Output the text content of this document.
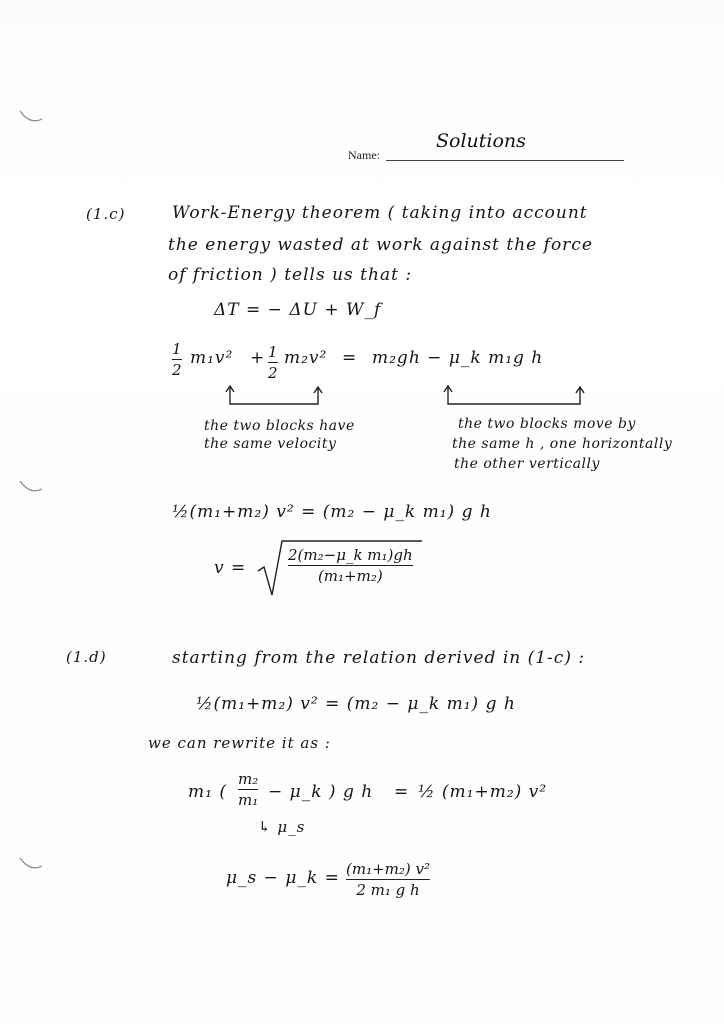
Name:
Solutions
(1.c)	Work-Energy theorem ( taking into account
the energy wasted at work against the force
of friction ) tells us that :
ΔT = − ΔU + W_f
1
2
m₁v² + 1
2
m₂v² = m₂gh − μ_k m₁g h
the two blocks have
the same velocity
the two blocks move by
the same h , one horizontally
the other vertically
½(m₁+m₂) v² = (m₂ − μ_k m₁) g h
v =
2(m₂−μ_k m₁)gh
(m₁+m₂)
(1.d)	starting from the relation derived in (1-c) :
½(m₁+m₂) v² = (m₂ − μ_k m₁) g h
we can rewrite it as :
m₁ (
m₂
m₁ − μ_k ) g h = ½ (m₁+m₂) v²
↳ μ_s
μ_s − μ_k = (m₁+m₂) v²
2 m₁ g h
